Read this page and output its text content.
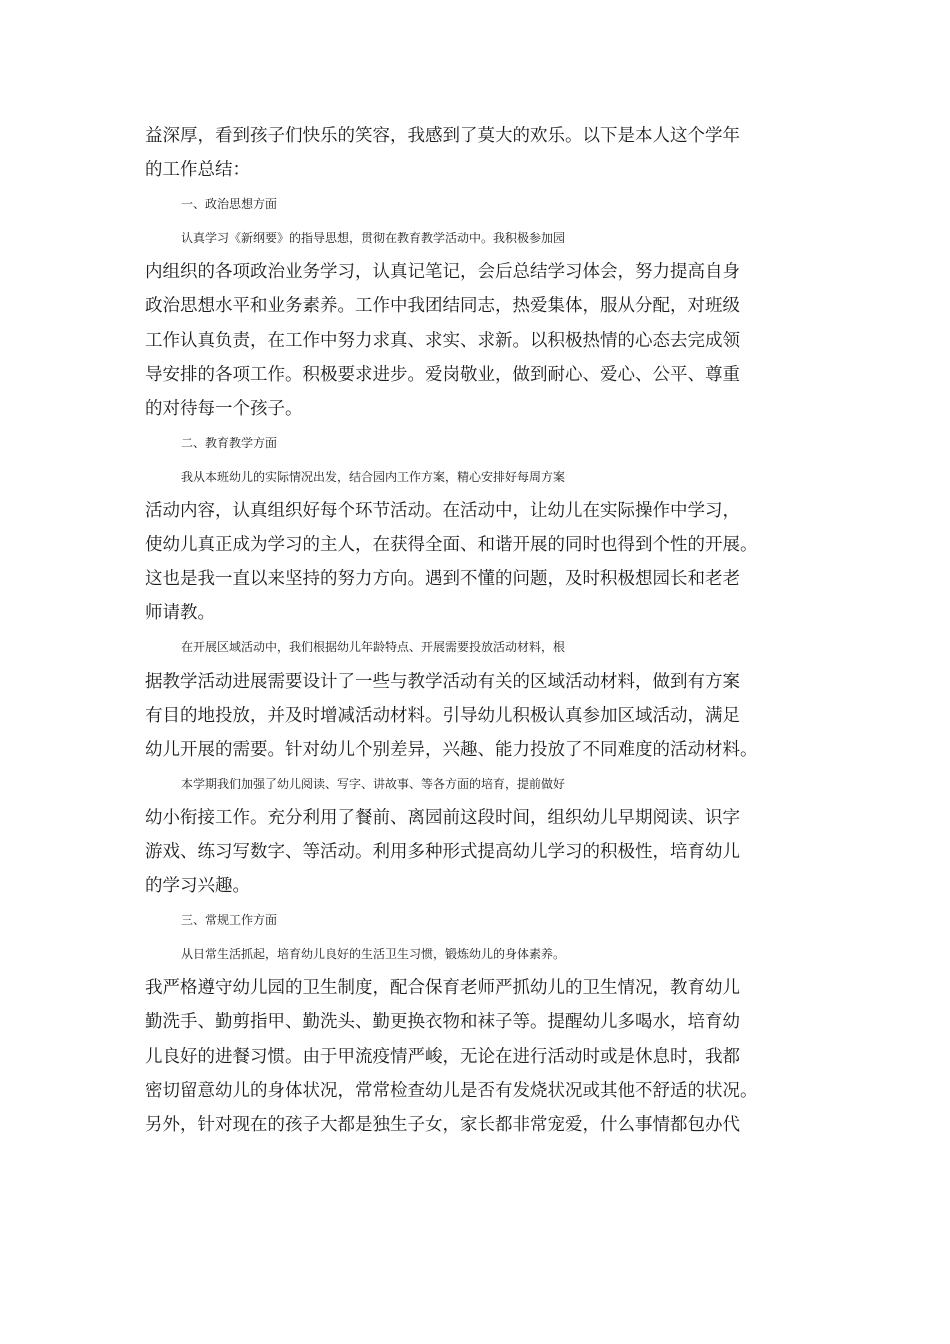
益深厚，看到孩子们快乐的笑容，我感到了莫大的欢乐。以下是本人这个学年
的工作总结：
一、政治思想方面
认真学习《新纲要》的指导思想，贯彻在教育教学活动中。我积极参加园
内组织的各项政治业务学习，认真记笔记，会后总结学习体会，努力提高自身
政治思想水平和业务素养。工作中我团结同志，热爱集体，服从分配，对班级
工作认真负责，在工作中努力求真、求实、求新。以积极热情的心态去完成领
导安排的各项工作。积极要求进步。爱岗敬业，做到耐心、爱心、公平、尊重
的对待每一个孩子。
二、教育教学方面
我从本班幼儿的实际情况出发，结合园内工作方案，精心安排好每周方案
活动内容，认真组织好每个环节活动。在活动中，让幼儿在实际操作中学习，
使幼儿真正成为学习的主人，在获得全面、和谐开展的同时也得到个性的开展。
这也是我一直以来坚持的努力方向。遇到不懂的问题，及时积极想园长和老老
师请教。
在开展区域活动中，我们根据幼儿年龄特点、开展需要投放活动材料，根
据教学活动进展需要设计了一些与教学活动有关的区域活动材料，做到有方案
有目的地投放，并及时增减活动材料。引导幼儿积极认真参加区域活动，满足
幼儿开展的需要。针对幼儿个别差异，兴趣、能力投放了不同难度的活动材料。
本学期我们加强了幼儿阅读、写字、讲故事、等各方面的培育，提前做好
幼小衔接工作。充分利用了餐前、离园前这段时间，组织幼儿早期阅读、识字
游戏、练习写数字、等活动。利用多种形式提高幼儿学习的积极性，培育幼儿
的学习兴趣。
三、常规工作方面
从日常生活抓起，培育幼儿良好的生活卫生习惯，锻炼幼儿的身体素养。
我严格遵守幼儿园的卫生制度，配合保育老师严抓幼儿的卫生情况，教育幼儿
勤洗手、勤剪指甲、勤洗头、勤更换衣物和袜子等。提醒幼儿多喝水，培育幼
儿良好的进餐习惯。由于甲流疫情严峻，无论在进行活动时或是休息时，我都
密切留意幼儿的身体状况，常常检查幼儿是否有发烧状况或其他不舒适的状况。
另外，针对现在的孩子大都是独生子女，家长都非常宠爱，什么事情都包办代
